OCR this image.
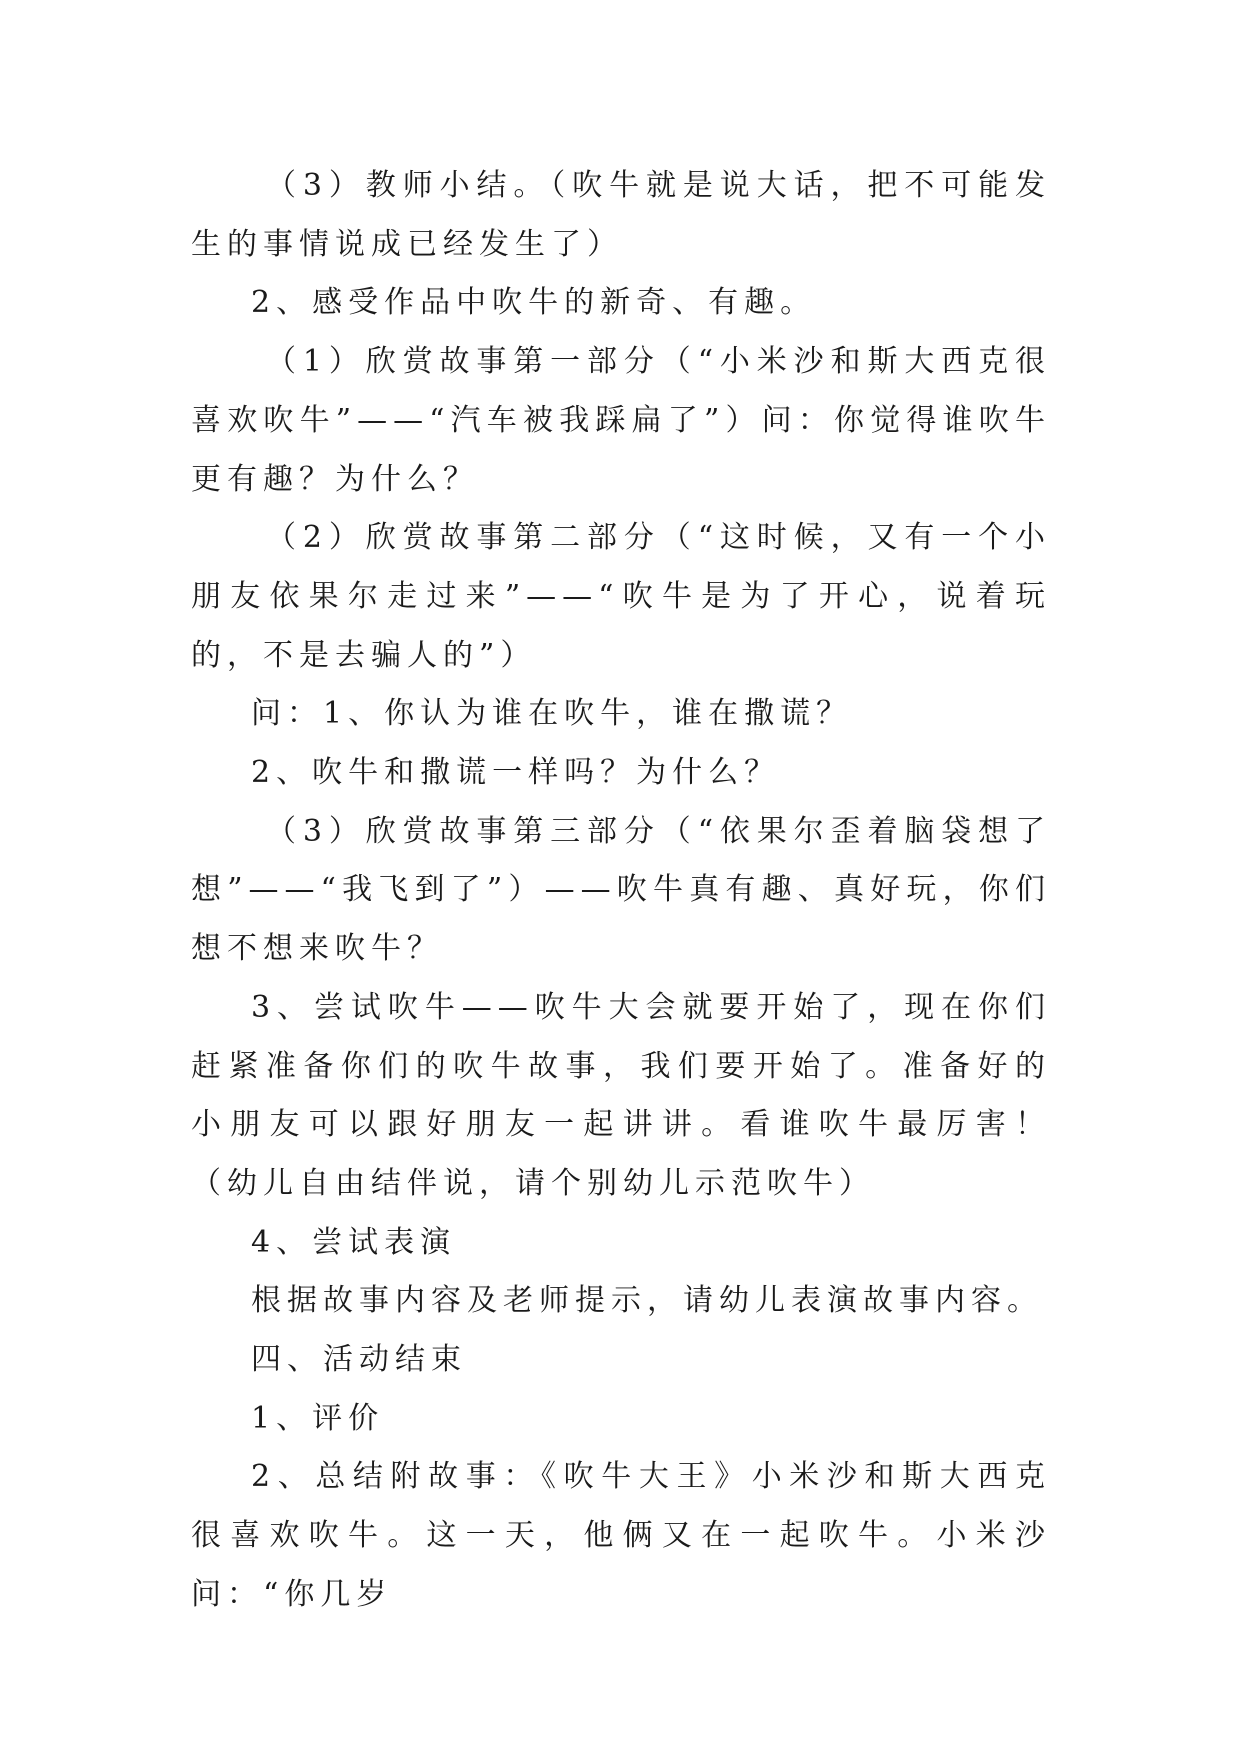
（3）教师小结。（吹牛就是说大话，把不可能发生的事情说成已经发生了）

2、感受作品中吹牛的新奇、有趣。

（1）欣赏故事第一部分（“小米沙和斯大西克很喜欢吹牛”——“汽车被我踩扁了”）问：你觉得谁吹牛更有趣？为什么？

（2）欣赏故事第二部分（“这时候，又有一个小朋友依果尔走过来”——“吹牛是为了开心，说着玩的，不是去骗人的”）

问：1、你认为谁在吹牛，谁在撒谎？

2、吹牛和撒谎一样吗？为什么？

（3）欣赏故事第三部分（“依果尔歪着脑袋想了想”——“我飞到了”）——吹牛真有趣、真好玩，你们想不想来吹牛？

3、尝试吹牛——吹牛大会就要开始了，现在你们赶紧准备你们的吹牛故事，我们要开始了。准备好的小朋友可以跟好朋友一起讲讲。看谁吹牛最厉害！（幼儿自由结伴说，请个别幼儿示范吹牛）

4、尝试表演

根据故事内容及老师提示，请幼儿表演故事内容。

四、活动结束

1、评价

2、总结附故事：《吹牛大王》小米沙和斯大西克很喜欢吹牛。这一天，他俩又在一起吹牛。小米沙问：“你几岁
